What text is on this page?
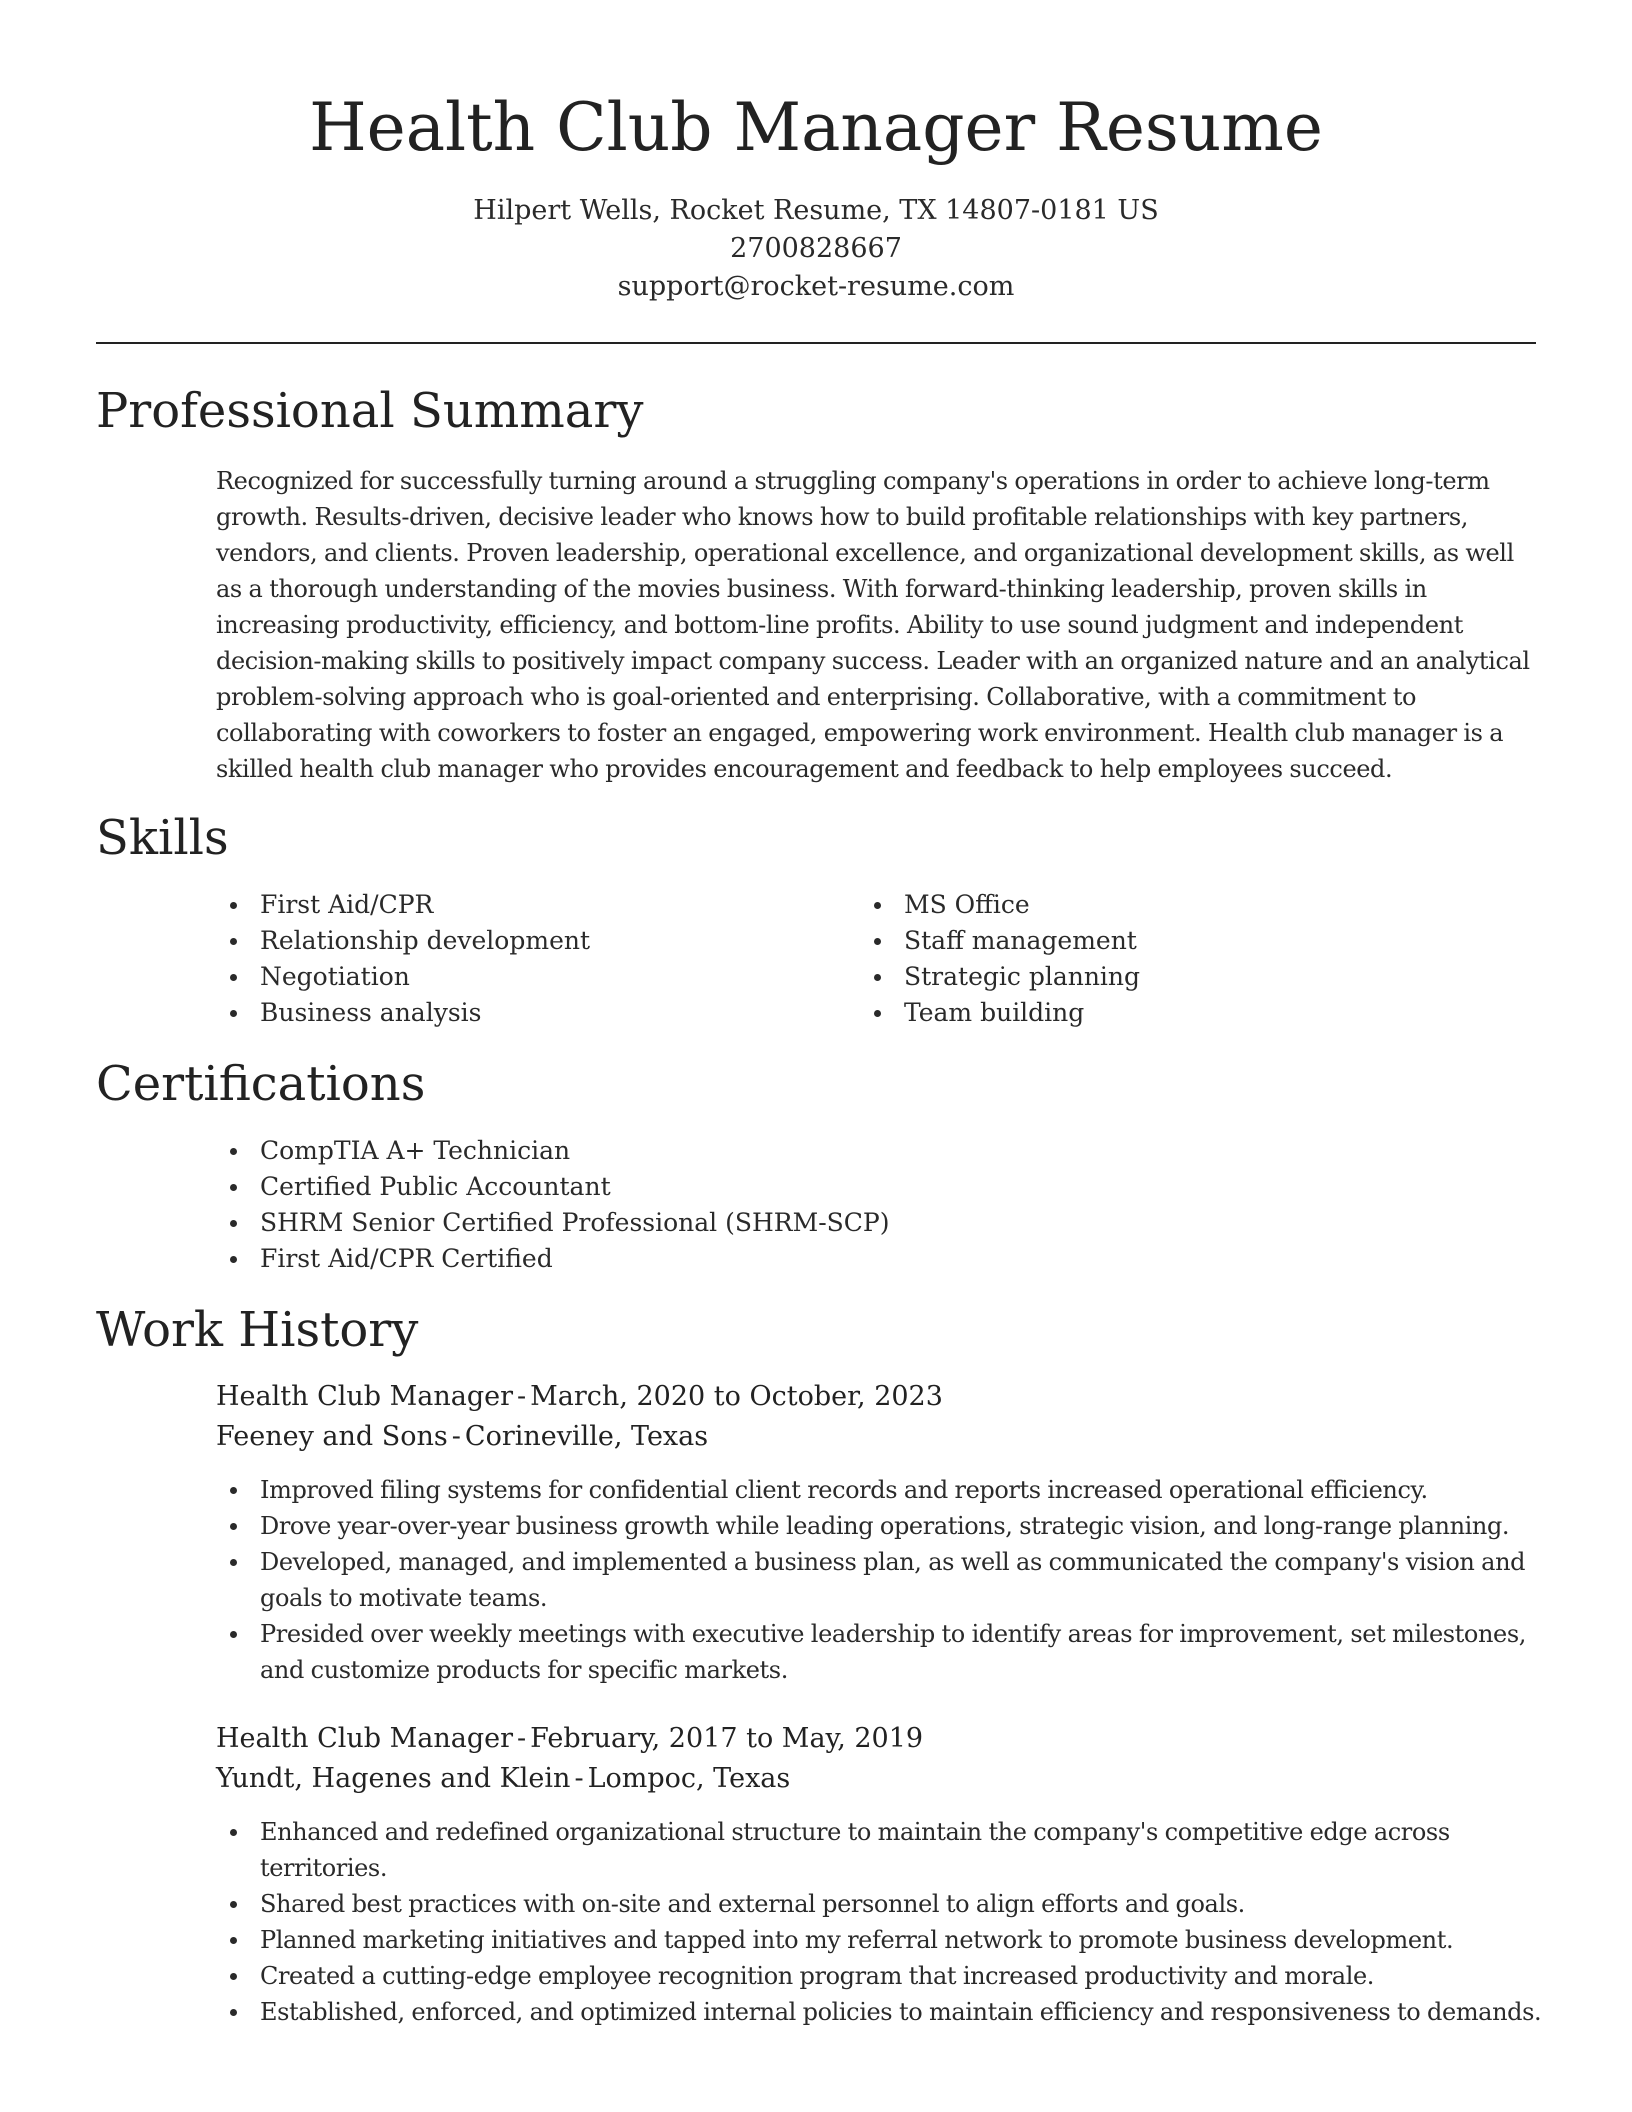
Health Club Manager Resume
Hilpert Wells, Rocket Resume, TX 14807-0181 US
2700828667
support@rocket-resume.com
Professional Summary
Recognized for successfully turning around a struggling company's operations in order to achieve long-term growth. Results-driven, decisive leader who knows how to build profitable relationships with key partners, vendors, and clients. Proven leadership, operational excellence, and organizational development skills, as well as a thorough understanding of the movies business. With forward-thinking leadership, proven skills in increasing productivity, efficiency, and bottom-line profits. Ability to use sound judgment and independent decision-making skills to positively impact company success. Leader with an organized nature and an analytical problem-solving approach who is goal-oriented and enterprising. Collaborative, with a commitment to collaborating with coworkers to foster an engaged, empowering work environment. Health club manager is a skilled health club manager who provides encouragement and feedback to help employees succeed.
Skills
First Aid/CPR
Relationship development
Negotiation
Business analysis
MS Office
Staff management
Strategic planning
Team building
Certifications
CompTIA A+ Technician
Certified Public Accountant
SHRM Senior Certified Professional (SHRM-SCP)
First Aid/CPR Certified
Work History
Health Club Manager - March, 2020 to October, 2023
Feeney and Sons - Corineville, Texas
Improved filing systems for confidential client records and reports increased operational efficiency.
Drove year-over-year business growth while leading operations, strategic vision, and long-range planning.
Developed, managed, and implemented a business plan, as well as communicated the company's vision and goals to motivate teams.
Presided over weekly meetings with executive leadership to identify areas for improvement, set milestones, and customize products for specific markets.
Health Club Manager - February, 2017 to May, 2019
Yundt, Hagenes and Klein - Lompoc, Texas
Enhanced and redefined organizational structure to maintain the company's competitive edge across territories.
Shared best practices with on-site and external personnel to align efforts and goals.
Planned marketing initiatives and tapped into my referral network to promote business development.
Created a cutting-edge employee recognition program that increased productivity and morale.
Established, enforced, and optimized internal policies to maintain efficiency and responsiveness to demands.
